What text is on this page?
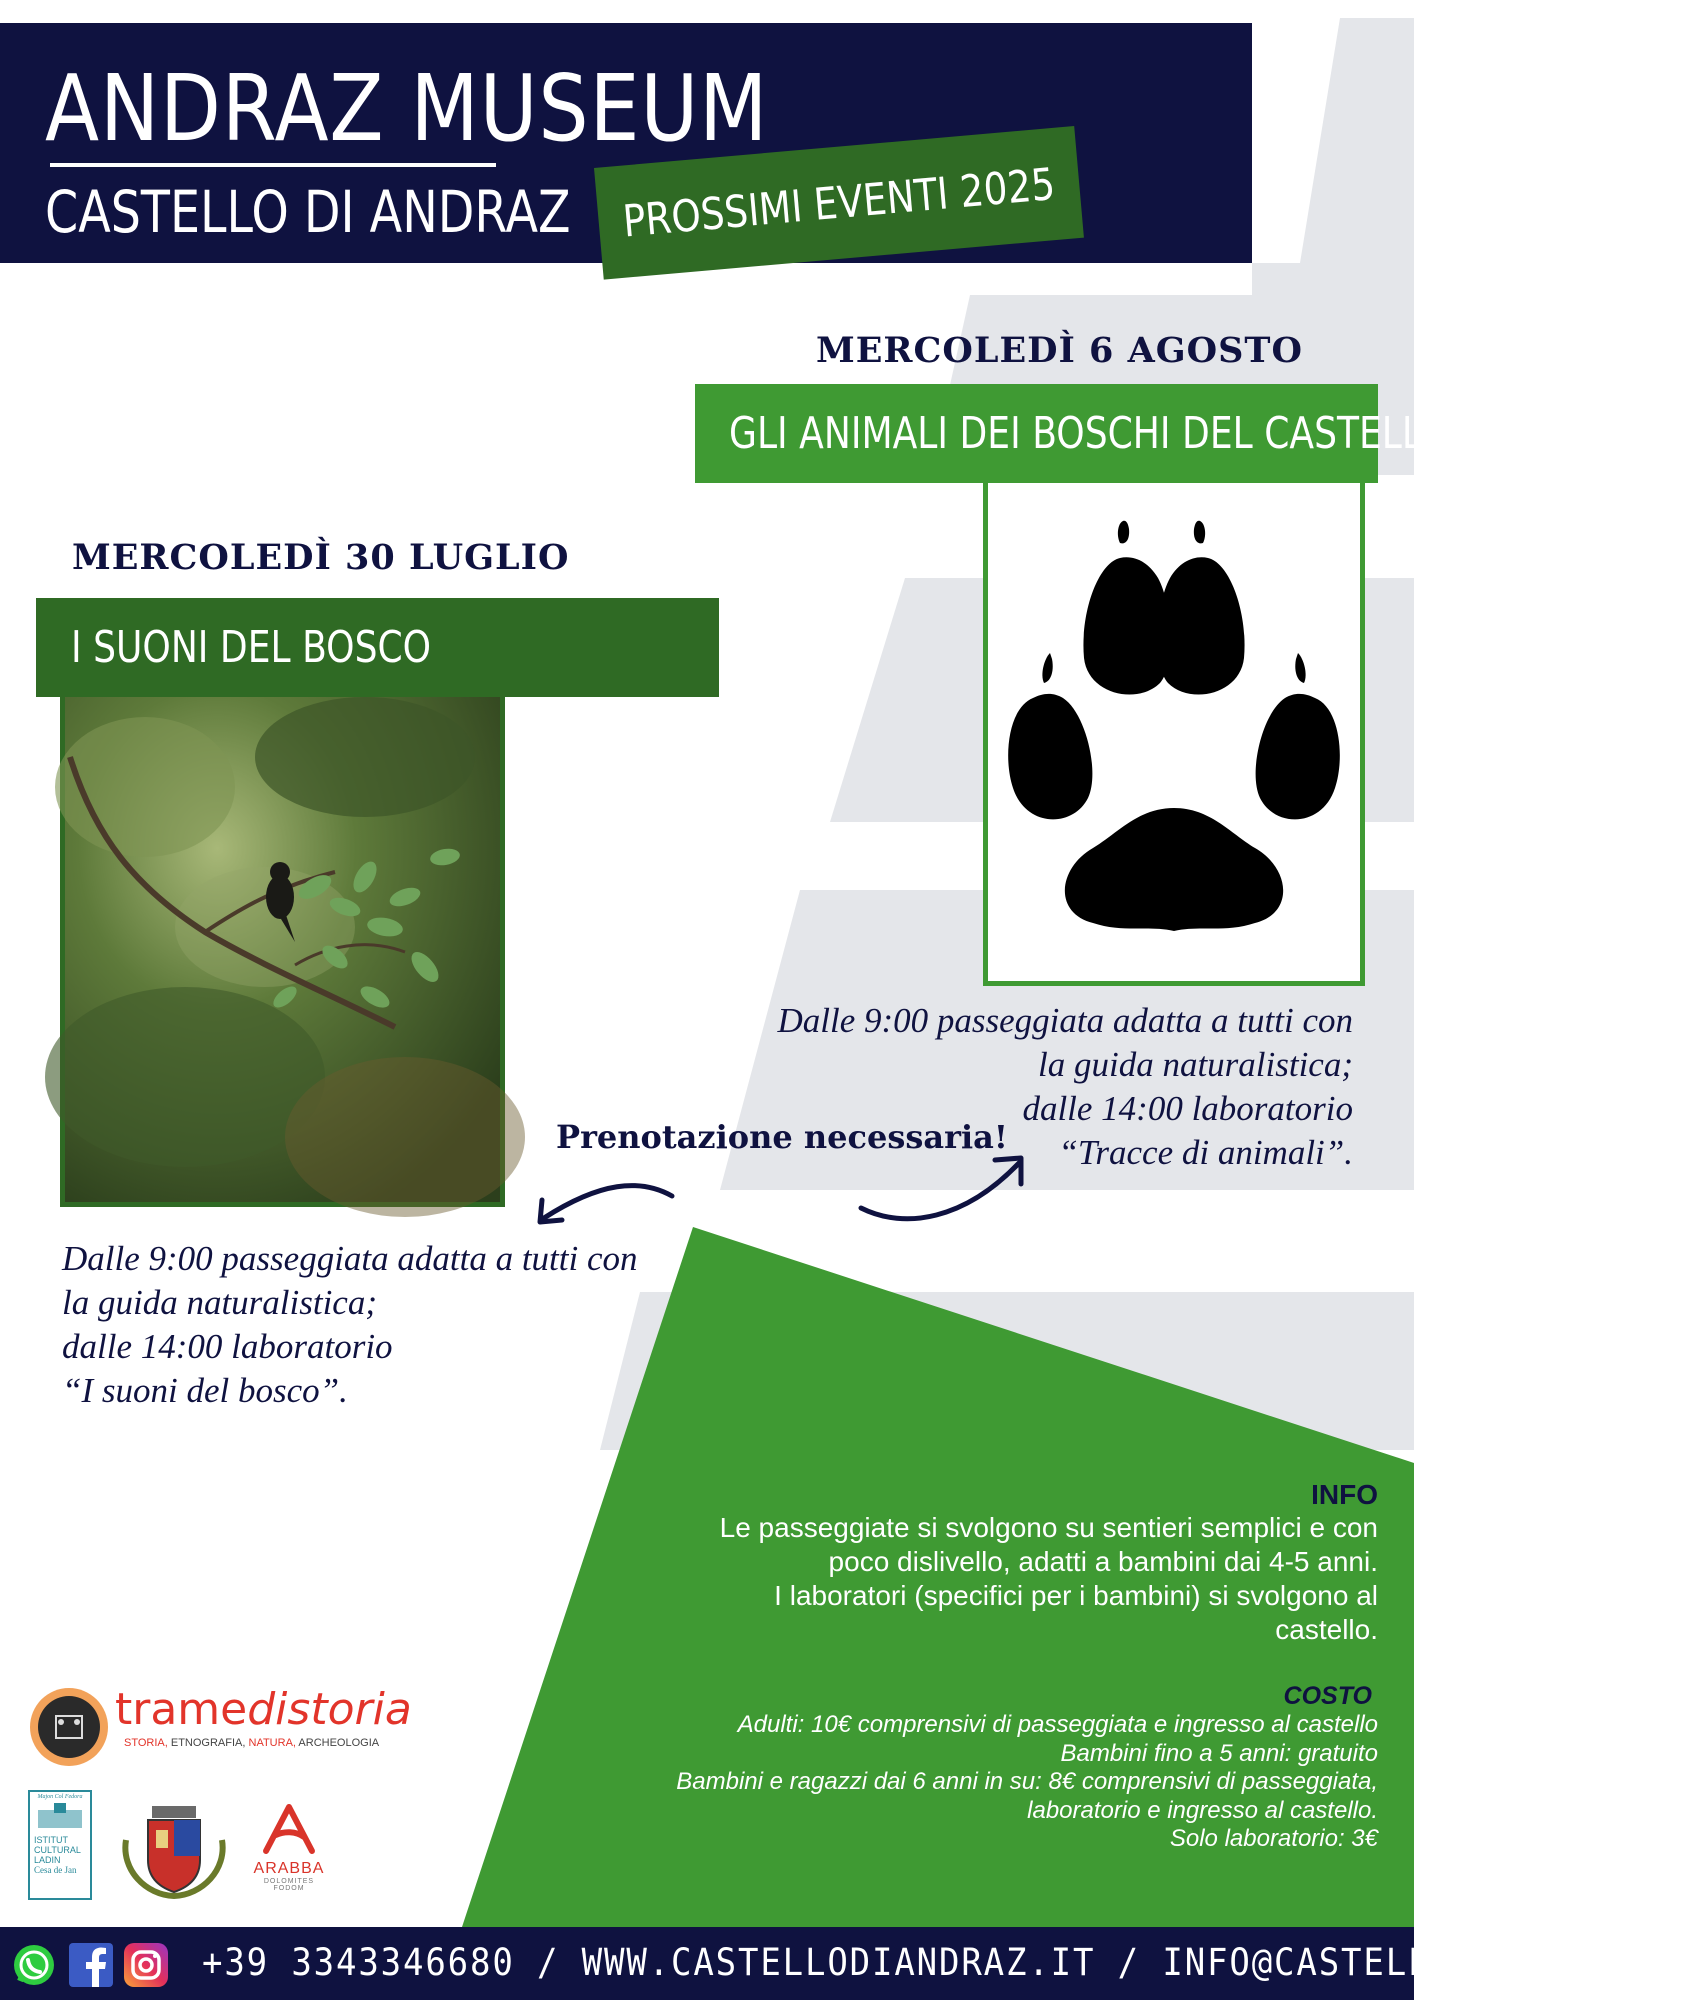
ANDRAZ MUSEUM
CASTELLO DI ANDRAZ PROSSIMI EVENTI 2025
MERCOLEDÌ 6 AGOSTO
GLI ANIMALI DEI BOSCHI DEL CASTELLO
Dalle 9:00 passeggiata adatta a tutti con
la guida naturalistica;
dalle 14:00 laboratorio
“Tracce di animali”.
MERCOLEDÌ 30 LUGLIO
I SUONI DEL BOSCO
Dalle 9:00 passeggiata adatta a tutti con
la guida naturalistica;
dalle 14:00 laboratorio
“I suoni del bosco”.
Prenotazione necessaria!
INFO
Le passeggiate si svolgono su sentieri semplici e con
poco dislivello, adatti a bambini dai 4-5 anni.
I laboratori (specifici per i bambini) si svolgono al
castello.
COSTO
Adulti: 10€ comprensivi di passeggiata e ingresso al castello
Bambini fino a 5 anni: gratuito
Bambini e ragazzi dai 6 anni in su: 8€ comprensivi di passeggiata,
laboratorio e ingresso al castello.
Solo laboratorio: 3€
tramedistoria
STORIA, ETNOGRAFIA, NATURA, ARCHEOLOGIA
Majon Col Fedora
ISTITUT
CULTURAL
LADIN
Cesa de Jan	ARABBA
DOLOMITES
FODOM
+39 3343346680 / WWW.CASTELLODIANDRAZ.IT / INFO@CASTELLODIANDRAZ.IT
